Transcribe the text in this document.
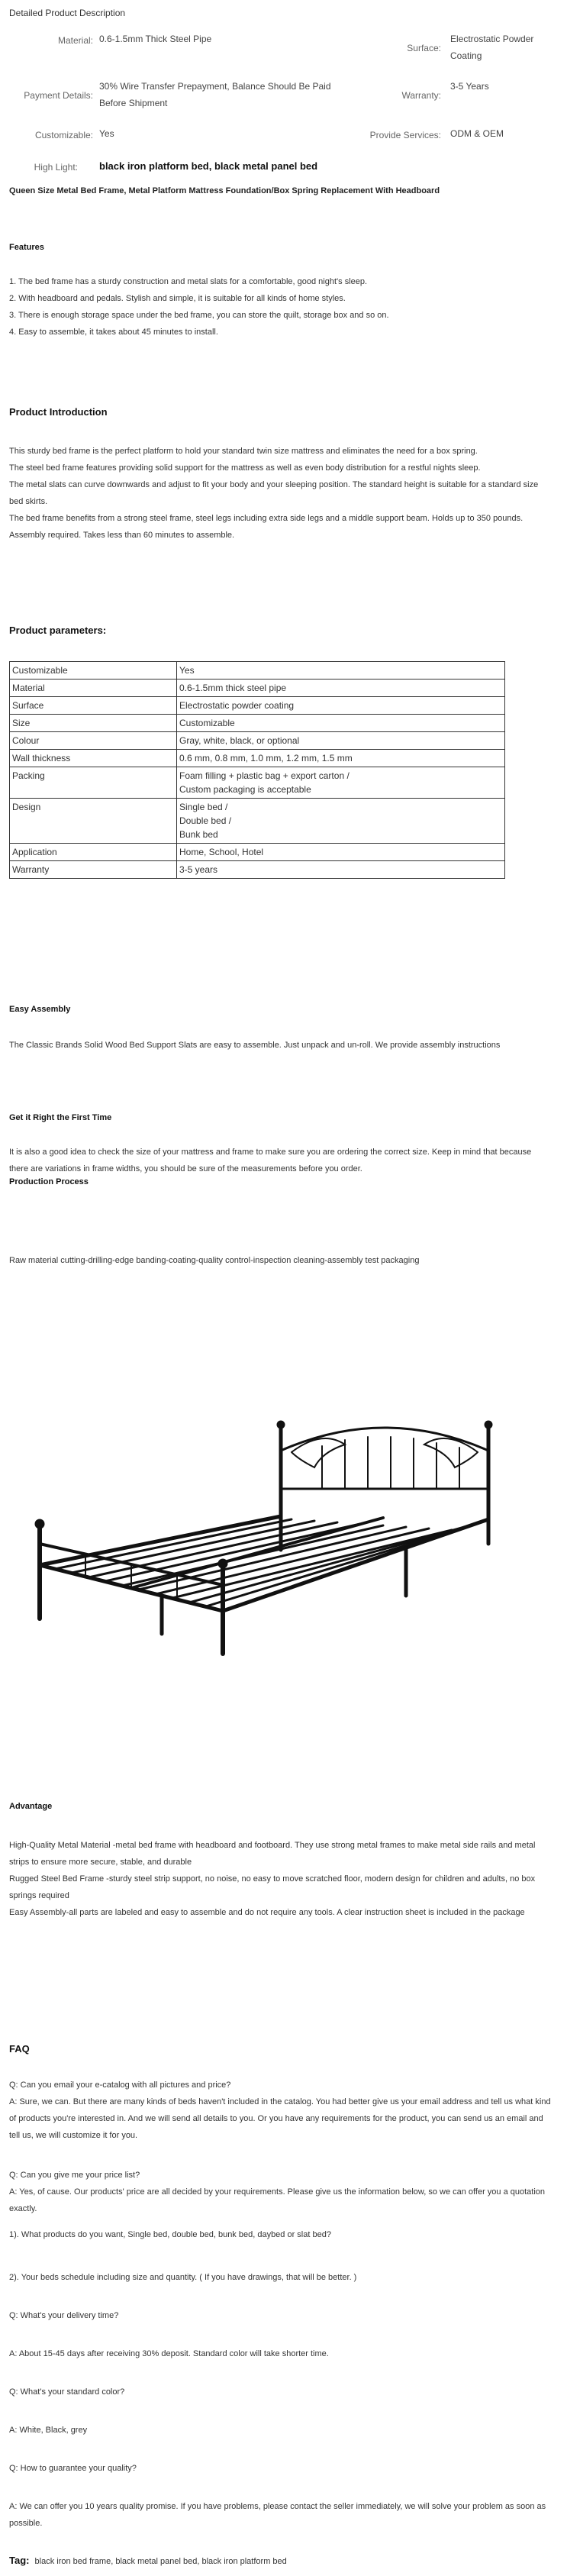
Detailed Product Description
Material: 0.6-1.5mm Thick Steel Pipe
Surface:
Electrostatic Powder Coating
Payment Details:
30% Wire Transfer Prepayment, Balance Should Be Paid Before Shipment
Warranty:
3-5 Years
Customizable: Yes	Provide Services: ODM & OEM
High Light: black iron platform bed, black metal panel bed
Queen Size Metal Bed Frame, Metal Platform Mattress Foundation/Box Spring Replacement With Headboard
Features
1. The bed frame has a sturdy construction and metal slats for a comfortable, good night's sleep.
2. With headboard and pedals. Stylish and simple, it is suitable for all kinds of home styles.
3. There is enough storage space under the bed frame, you can store the quilt, storage box and so on.
4. Easy to assemble, it takes about 45 minutes to install.
Product Introduction
This sturdy bed frame is the perfect platform to hold your standard twin size mattress and eliminates the need for a box spring.
The steel bed frame features providing solid support for the mattress as well as even body distribution for a restful nights sleep.
The metal slats can curve downwards and adjust to fit your body and your sleeping position. The standard height is suitable for a standard size bed skirts.
The bed frame benefits from a strong steel frame, steel legs including extra side legs and a middle support beam. Holds up to 350 pounds.
Assembly required. Takes less than 60 minutes to assemble.
Product parameters:
Customizable	Yes
Material	0.6-1.5mm thick steel pipe
Surface	Electrostatic powder coating
Size	Customizable
Colour	Gray, white, black, or optional
Wall thickness	0.6 mm, 0.8 mm, 1.0 mm, 1.2 mm, 1.5 mm
Packing	Foam filling + plastic bag + export carton /
Custom packaging is acceptable
Design	Single bed /
Double bed /
Bunk bed
Application	Home, School, Hotel
Warranty	3-5 years
Easy Assembly
The Classic Brands Solid Wood Bed Support Slats are easy to assemble. Just unpack and un-roll. We provide assembly instructions
Get it Right the First Time
It is also a good idea to check the size of your mattress and frame to make sure you are ordering the correct size. Keep in mind that because there are variations in frame widths, you should be sure of the measurements before you order.
Production Process
Raw material cutting-drilling-edge banding-coating-quality control-inspection cleaning-assembly test packaging
Advantage
High-Quality Metal Material -metal bed frame with headboard and footboard. They use strong metal frames to make metal side rails and metal strips to ensure more secure, stable, and durable
Rugged Steel Bed Frame -sturdy steel strip support, no noise, no easy to move scratched floor, modern design for children and adults, no box springs required
Easy Assembly-all parts are labeled and easy to assemble and do not require any tools. A clear instruction sheet is included in the package
FAQ
Q: Can you email your e-catalog with all pictures and price?
A: Sure, we can. But there are many kinds of beds haven't included in the catalog. You had better give us your email address and tell us what kind of products you're interested in. And we will send all details to you. Or you have any requirements for the product, you can send us an email and tell us, we will customize it for you.
Q: Can you give me your price list?
A: Yes, of cause. Our products' price are all decided by your requirements. Please give us the information below, so we can offer you a quotation exactly.
1). What products do you want, Single bed, double bed, bunk bed, daybed or slat bed?
2). Your beds schedule including size and quantity. ( If you have drawings, that will be better. )
Q: What's your delivery time?
A: About 15-45 days after receiving 30% deposit. Standard color will take shorter time.
Q: What's your standard color?
A: White, Black, grey
Q: How to guarantee your quality?
A: We can offer you 10 years quality promise. If you have problems, please contact the seller immediately, we will solve your problem as soon as possible.
Tag: black iron bed frame, black metal panel bed, black iron platform bed
